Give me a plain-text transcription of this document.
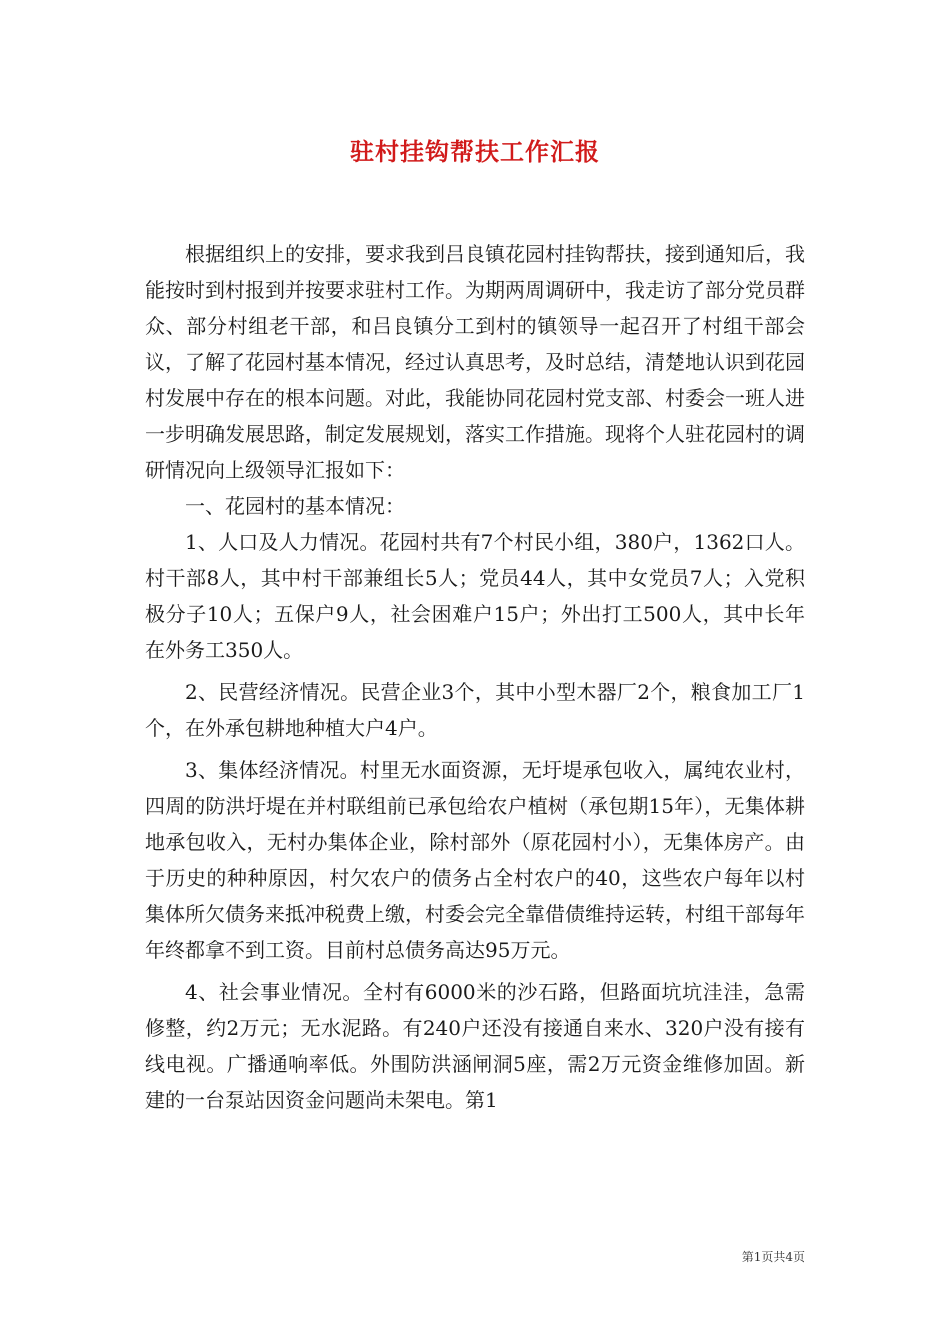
驻村挂钩帮扶工作汇报

根据组织上的安排，要求我到吕良镇花园村挂钩帮扶，接到通知后，我能按时到村报到并按要求驻村工作。为期两周调研中，我走访了部分党员群众、部分村组老干部，和吕良镇分工到村的镇领导一起召开了村组干部会议，了解了花园村基本情况，经过认真思考，及时总结，清楚地认识到花园村发展中存在的根本问题。对此，我能协同花园村党支部、村委会一班人进一步明确发展思路，制定发展规划，落实工作措施。现将个人驻花园村的调研情况向上级领导汇报如下：

一、花园村的基本情况：

1、人口及人力情况。花园村共有7个村民小组，380户，1362口人。村干部8人，其中村干部兼组长5人；党员44人，其中女党员7人；入党积极分子10人；五保户9人，社会困难户15户；外出打工500人，其中长年在外务工350人。

2、民营经济情况。民营企业3个，其中小型木器厂2个，粮食加工厂1个，在外承包耕地种植大户4户。

3、集体经济情况。村里无水面资源，无圩堤承包收入，属纯农业村，四周的防洪圩堤在并村联组前已承包给农户植树（承包期15年），无集体耕地承包收入，无村办集体企业，除村部外（原花园村小），无集体房产。由于历史的种种原因，村欠农户的债务占全村农户的40，这些农户每年以村集体所欠债务来抵冲税费上缴，村委会完全靠借债维持运转，村组干部每年年终都拿不到工资。目前村总债务高达95万元。

4、社会事业情况。全村有6000米的沙石路，但路面坑坑洼洼，急需修整，约2万元；无水泥路。有240户还没有接通自来水、320户没有接有线电视。广播通响率低。外围防洪涵闸洞5座，需2万元资金维修加固。新建的一台泵站因资金问题尚未架电。第1

第1页共4页
